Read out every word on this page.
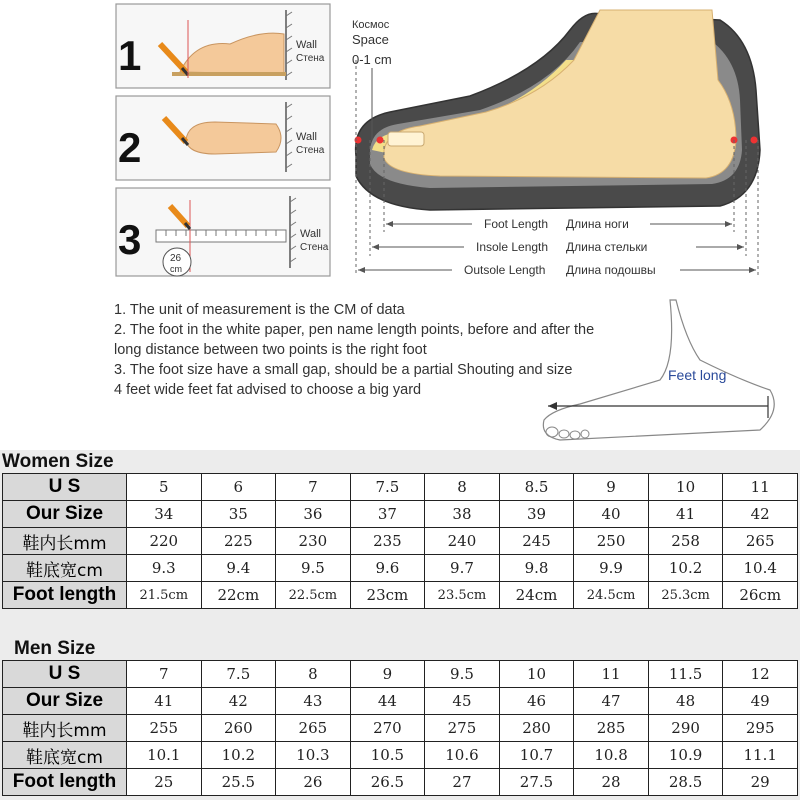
1	Wall
Стена
2	Wall
Стена
3	26
cm
Wall
Стена
Космос
Space
0-1 cm
Foot Length Длина ноги
Insole Length Длина стельки
Outsole Length Длина подошвы
Feet long
1. The unit of measurement is the CM of data
2. The foot in the white paper, pen name length points, before and after the
long distance between two points is the right foot
3. The foot size have a small gap, should be a partial Shouting and size
4 feet wide feet fat advised to choose a big yard
Women Size
U S	5	6	7	7.5	8	8.5	9	10	11
Our Size	34	35	36	37	38	39	40	41	42
鞋内长mm	220	225	230	235	240	245	250	258	265
鞋底宽cm	9.3	9.4	9.5	9.6	9.7	9.8	9.9	10.2	10.4
Foot length	21.5cm	22cm	22.5cm	23cm	23.5cm	24cm	24.5cm	25.3cm	26cm
Men Size
U S	7	7.5	8	9	9.5	10	11	11.5	12
Our Size	41	42	43	44	45	46	47	48	49
鞋内长mm	255	260	265	270	275	280	285	290	295
鞋底宽cm	10.1	10.2	10.3	10.5	10.6	10.7	10.8	10.9	11.1
Foot length	25	25.5	26	26.5	27	27.5	28	28.5	29
